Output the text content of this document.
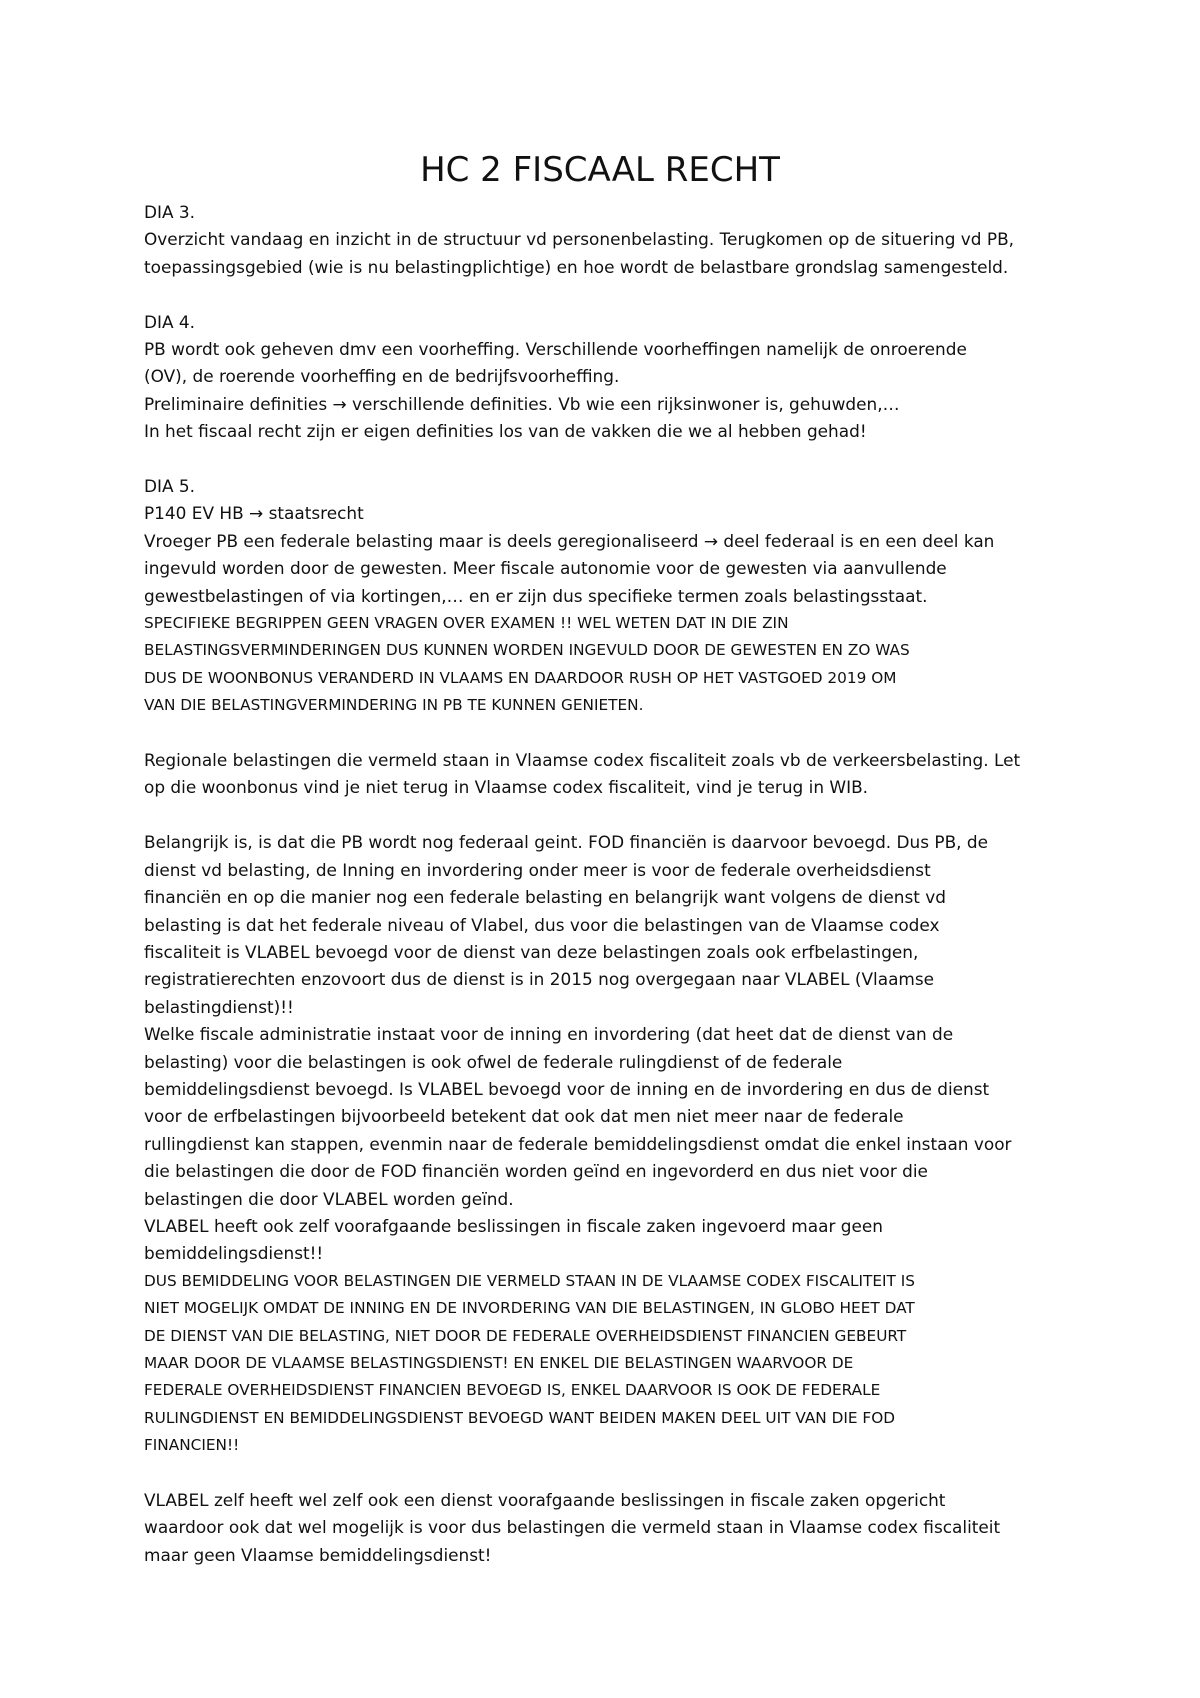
HC 2 FISCAAL RECHT
DIA 3.
Overzicht vandaag en inzicht in de structuur vd personenbelasting. Terugkomen op de situering vd PB,
toepassingsgebied (wie is nu belastingplichtige) en hoe wordt de belastbare grondslag samengesteld.
DIA 4.
PB wordt ook geheven dmv een voorheffing. Verschillende voorheffingen namelijk de onroerende
(OV), de roerende voorheffing en de bedrijfsvoorheffing.
Preliminaire definities → verschillende definities. Vb wie een rijksinwoner is, gehuwden,…
In het fiscaal recht zijn er eigen definities los van de vakken die we al hebben gehad!
DIA 5.
P140 EV HB → staatsrecht
Vroeger PB een federale belasting maar is deels geregionaliseerd → deel federaal is en een deel kan
ingevuld worden door de gewesten. Meer fiscale autonomie voor de gewesten via aanvullende
gewestbelastingen of via kortingen,… en er zijn dus specifieke termen zoals belastingsstaat.
SPECIFIEKE BEGRIPPEN GEEN VRAGEN OVER EXAMEN !! WEL WETEN DAT IN DIE ZIN
BELASTINGSVERMINDERINGEN DUS KUNNEN WORDEN INGEVULD DOOR DE GEWESTEN EN ZO WAS
DUS DE WOONBONUS VERANDERD IN VLAAMS EN DAARDOOR RUSH OP HET VASTGOED 2019 OM
VAN DIE BELASTINGVERMINDERING IN PB TE KUNNEN GENIETEN.
Regionale belastingen die vermeld staan in Vlaamse codex fiscaliteit zoals vb de verkeersbelasting. Let
op die woonbonus vind je niet terug in Vlaamse codex fiscaliteit, vind je terug in WIB.
Belangrijk is, is dat die PB wordt nog federaal geint. FOD financiën is daarvoor bevoegd. Dus PB, de
dienst vd belasting, de Inning en invordering onder meer is voor de federale overheidsdienst
financiën en op die manier nog een federale belasting en belangrijk want volgens de dienst vd
belasting is dat het federale niveau of Vlabel, dus voor die belastingen van de Vlaamse codex
fiscaliteit is VLABEL bevoegd voor de dienst van deze belastingen zoals ook erfbelastingen,
registratierechten enzovoort dus de dienst is in 2015 nog overgegaan naar VLABEL (Vlaamse
belastingdienst)!!
Welke fiscale administratie instaat voor de inning en invordering (dat heet dat de dienst van de
belasting) voor die belastingen is ook ofwel de federale rulingdienst of de federale
bemiddelingsdienst bevoegd. Is VLABEL bevoegd voor de inning en de invordering en dus de dienst
voor de erfbelastingen bijvoorbeeld betekent dat ook dat men niet meer naar de federale
rullingdienst kan stappen, evenmin naar de federale bemiddelingsdienst omdat die enkel instaan voor
die belastingen die door de FOD financiën worden geïnd en ingevorderd en dus niet voor die
belastingen die door VLABEL worden geïnd.
VLABEL heeft ook zelf voorafgaande beslissingen in fiscale zaken ingevoerd maar geen
bemiddelingsdienst!!
DUS BEMIDDELING VOOR BELASTINGEN DIE VERMELD STAAN IN DE VLAAMSE CODEX FISCALITEIT IS
NIET MOGELIJK OMDAT DE INNING EN DE INVORDERING VAN DIE BELASTINGEN, IN GLOBO HEET DAT
DE DIENST VAN DIE BELASTING, NIET DOOR DE FEDERALE OVERHEIDSDIENST FINANCIEN GEBEURT
MAAR DOOR DE VLAAMSE BELASTINGSDIENST! EN ENKEL DIE BELASTINGEN WAARVOOR DE
FEDERALE OVERHEIDSDIENST FINANCIEN BEVOEGD IS, ENKEL DAARVOOR IS OOK DE FEDERALE
RULINGDIENST EN BEMIDDELINGSDIENST BEVOEGD WANT BEIDEN MAKEN DEEL UIT VAN DIE FOD
FINANCIEN!!
VLABEL zelf heeft wel zelf ook een dienst voorafgaande beslissingen in fiscale zaken opgericht
waardoor ook dat wel mogelijk is voor dus belastingen die vermeld staan in Vlaamse codex fiscaliteit
maar geen Vlaamse bemiddelingsdienst!
